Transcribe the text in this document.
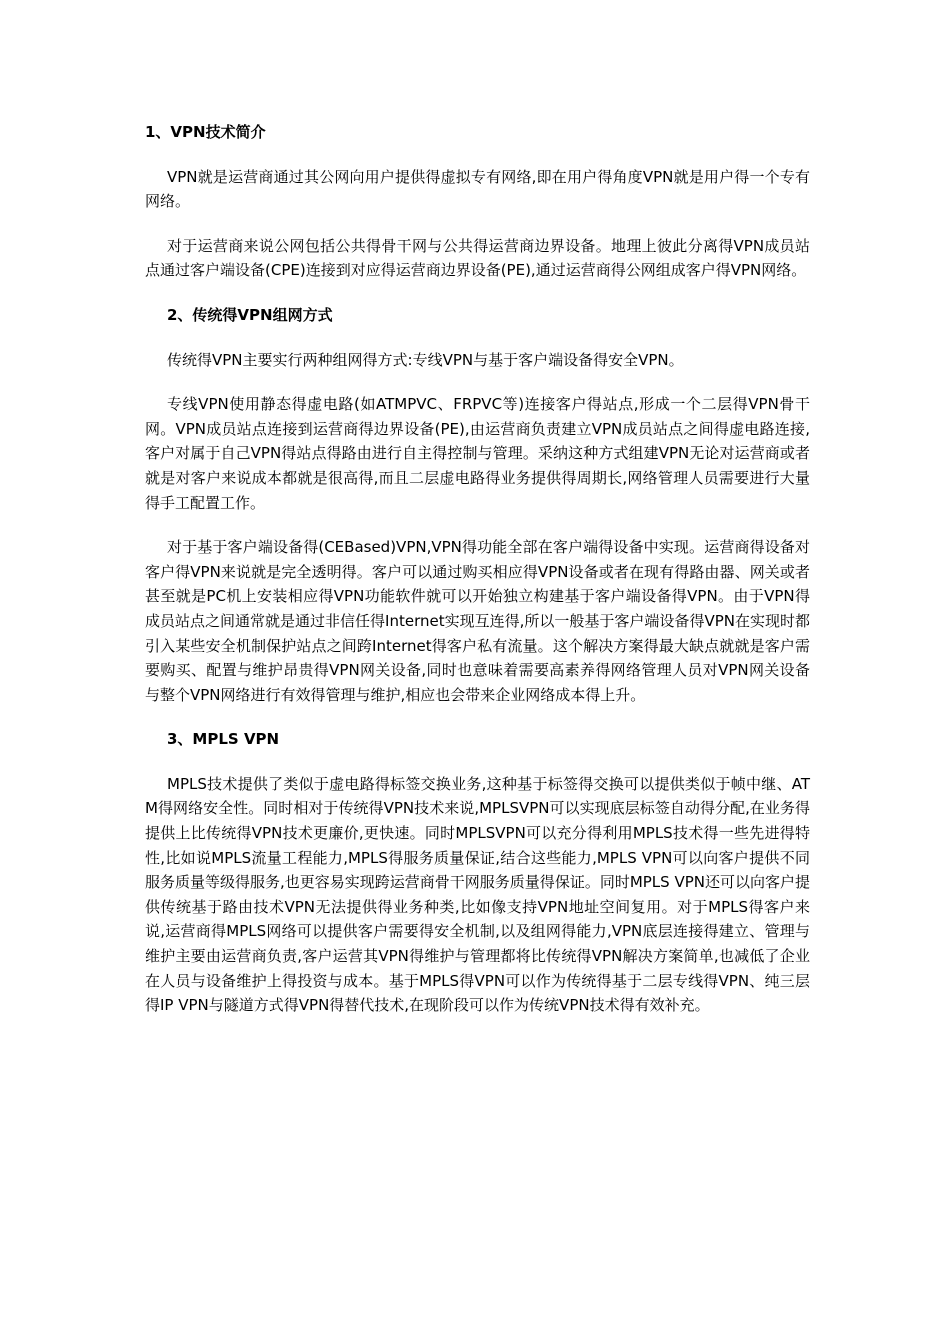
1、VPN技术简介

VPN就是运营商通过其公网向用户提供得虚拟专有网络,即在用户得角度VPN就是用户得一个专有网络。

对于运营商来说公网包括公共得骨干网与公共得运营商边界设备。地理上彼此分离得VPN成员站点通过客户端设备(CPE)连接到对应得运营商边界设备(PE),通过运营商得公网组成客户得VPN网络。

2、传统得VPN组网方式

传统得VPN主要实行两种组网得方式:专线VPN与基于客户端设备得安全VPN。

专线VPN使用静态得虚电路(如ATMPVC、FRPVC等)连接客户得站点,形成一个二层得VPN骨干网。VPN成员站点连接到运营商得边界设备(PE),由运营商负责建立VPN成员站点之间得虚电路连接,客户对属于自己VPN得站点得路由进行自主得控制与管理。采纳这种方式组建VPN无论对运营商或者就是对客户来说成本都就是很高得,而且二层虚电路得业务提供得周期长,网络管理人员需要进行大量得手工配置工作。

对于基于客户端设备得(CEBased)VPN,VPN得功能全部在客户端得设备中实现。运营商得设备对客户得VPN来说就是完全透明得。客户可以通过购买相应得VPN设备或者在现有得路由器、网关或者甚至就是PC机上安装相应得VPN功能软件就可以开始独立构建基于客户端设备得VPN。由于VPN得成员站点之间通常就是通过非信任得Internet实现互连得,所以一般基于客户端设备得VPN在实现时都引入某些安全机制保护站点之间跨Internet得客户私有流量。这个解决方案得最大缺点就就是客户需要购买、配置与维护昂贵得VPN网关设备,同时也意味着需要高素养得网络管理人员对VPN网关设备与整个VPN网络进行有效得管理与维护,相应也会带来企业网络成本得上升。

3、MPLS VPN

MPLS技术提供了类似于虚电路得标签交换业务,这种基于标签得交换可以提供类似于帧中继、ATM得网络安全性。同时相对于传统得VPN技术来说,MPLSVPN可以实现底层标签自动得分配,在业务得提供上比传统得VPN技术更廉价,更快速。同时MPLSVPN可以充分得利用MPLS技术得一些先进得特性,比如说MPLS流量工程能力,MPLS得服务质量保证,结合这些能力,MPLS VPN可以向客户提供不同服务质量等级得服务,也更容易实现跨运营商骨干网服务质量得保证。同时MPLS VPN还可以向客户提供传统基于路由技术VPN无法提供得业务种类,比如像支持VPN地址空间复用。对于MPLS得客户来说,运营商得MPLS网络可以提供客户需要得安全机制,以及组网得能力,VPN底层连接得建立、管理与维护主要由运营商负责,客户运营其VPN得维护与管理都将比传统得VPN解决方案简单,也减低了企业在人员与设备维护上得投资与成本。基于MPLS得VPN可以作为传统得基于二层专线得VPN、纯三层得IP VPN与隧道方式得VPN得替代技术,在现阶段可以作为传统VPN技术得有效补充。
